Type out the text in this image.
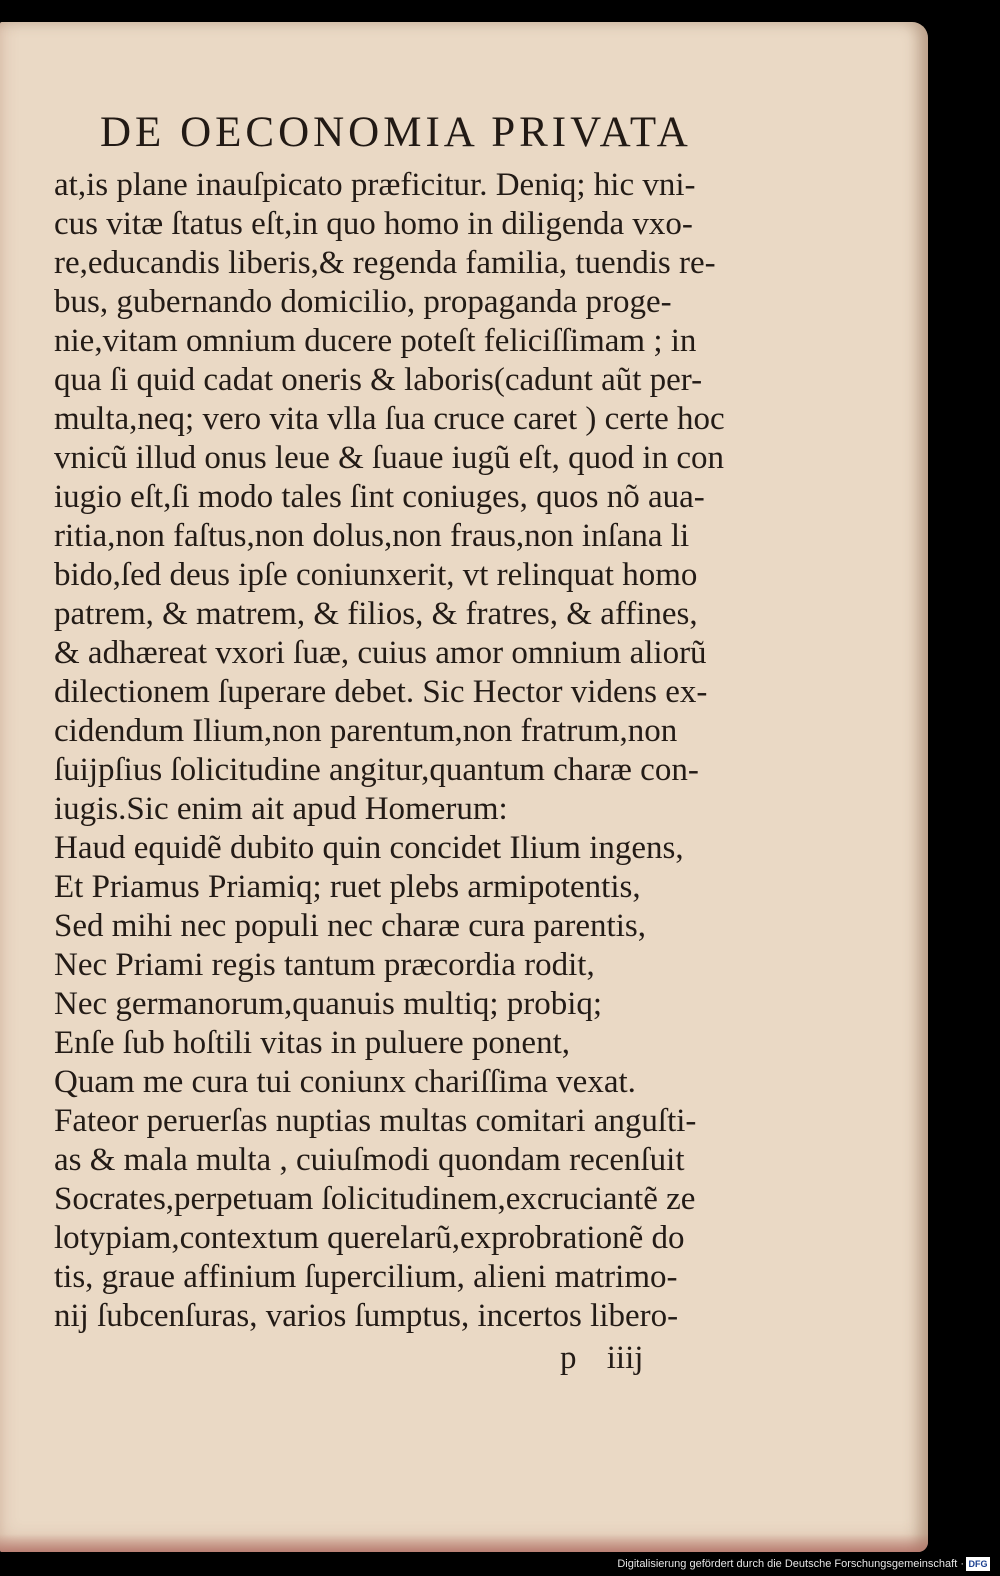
DE OECONOMIA PRIVATA
at,is plane inauſpicato præficitur. Deniq; hic vni-
cus vitæ ſtatus eſt,in quo homo in diligenda vxo-
re,educandis liberis,& regenda familia, tuendis re-
bus, gubernando domicilio, propaganda proge-
nie,vitam omnium ducere poteſt feliciſſimam ; in
qua ſi quid cadat oneris & laboris(cadunt aũt per-
multa,neq; vero vita vlla ſua cruce caret ) certe hoc
vnicũ illud onus leue & ſuaue iugũ eſt, quod in con
iugio eſt,ſi modo tales ſint coniuges, quos nõ aua-
ritia,non faſtus,non dolus,non fraus,non inſana li
bido,ſed deus ipſe coniunxerit, vt relinquat homo
patrem, & matrem, & filios, & fratres, & affines,
& adhæreat vxori ſuæ, cuius amor omnium aliorũ
dilectionem ſuperare debet. Sic Hector videns ex-
cidendum Ilium,non parentum,non fratrum,non
ſuijpſius ſolicitudine angitur,quantum charæ con-
iugis.Sic enim ait apud Homerum:
Haud equidẽ dubito quin concidet Ilium ingens,
Et Priamus Priamiq; ruet plebs armipotentis,
Sed mihi nec populi nec charæ cura parentis,
Nec Priami regis tantum præcordia rodit,
Nec germanorum,quanuis multiq; probiq;
Enſe ſub hoſtili vitas in puluere ponent,
Quam me cura tui coniunx chariſſima vexat.
Fateor peruerſas nuptias multas comitari anguſti-
as & mala multa , cuiuſmodi quondam recenſuit
Socrates,perpetuam ſolicitudinem,excruciantẽ ze
lotypiam,contextum querelarũ,exprobrationẽ do
tis, graue affinium ſupercilium, alieni matrimo-
nij ſubcenſuras, varios ſumptus, incertos libero-
p iiij
Digitalisierung gefördert durch die Deutsche Forschungsgemeinschaft · DFG
